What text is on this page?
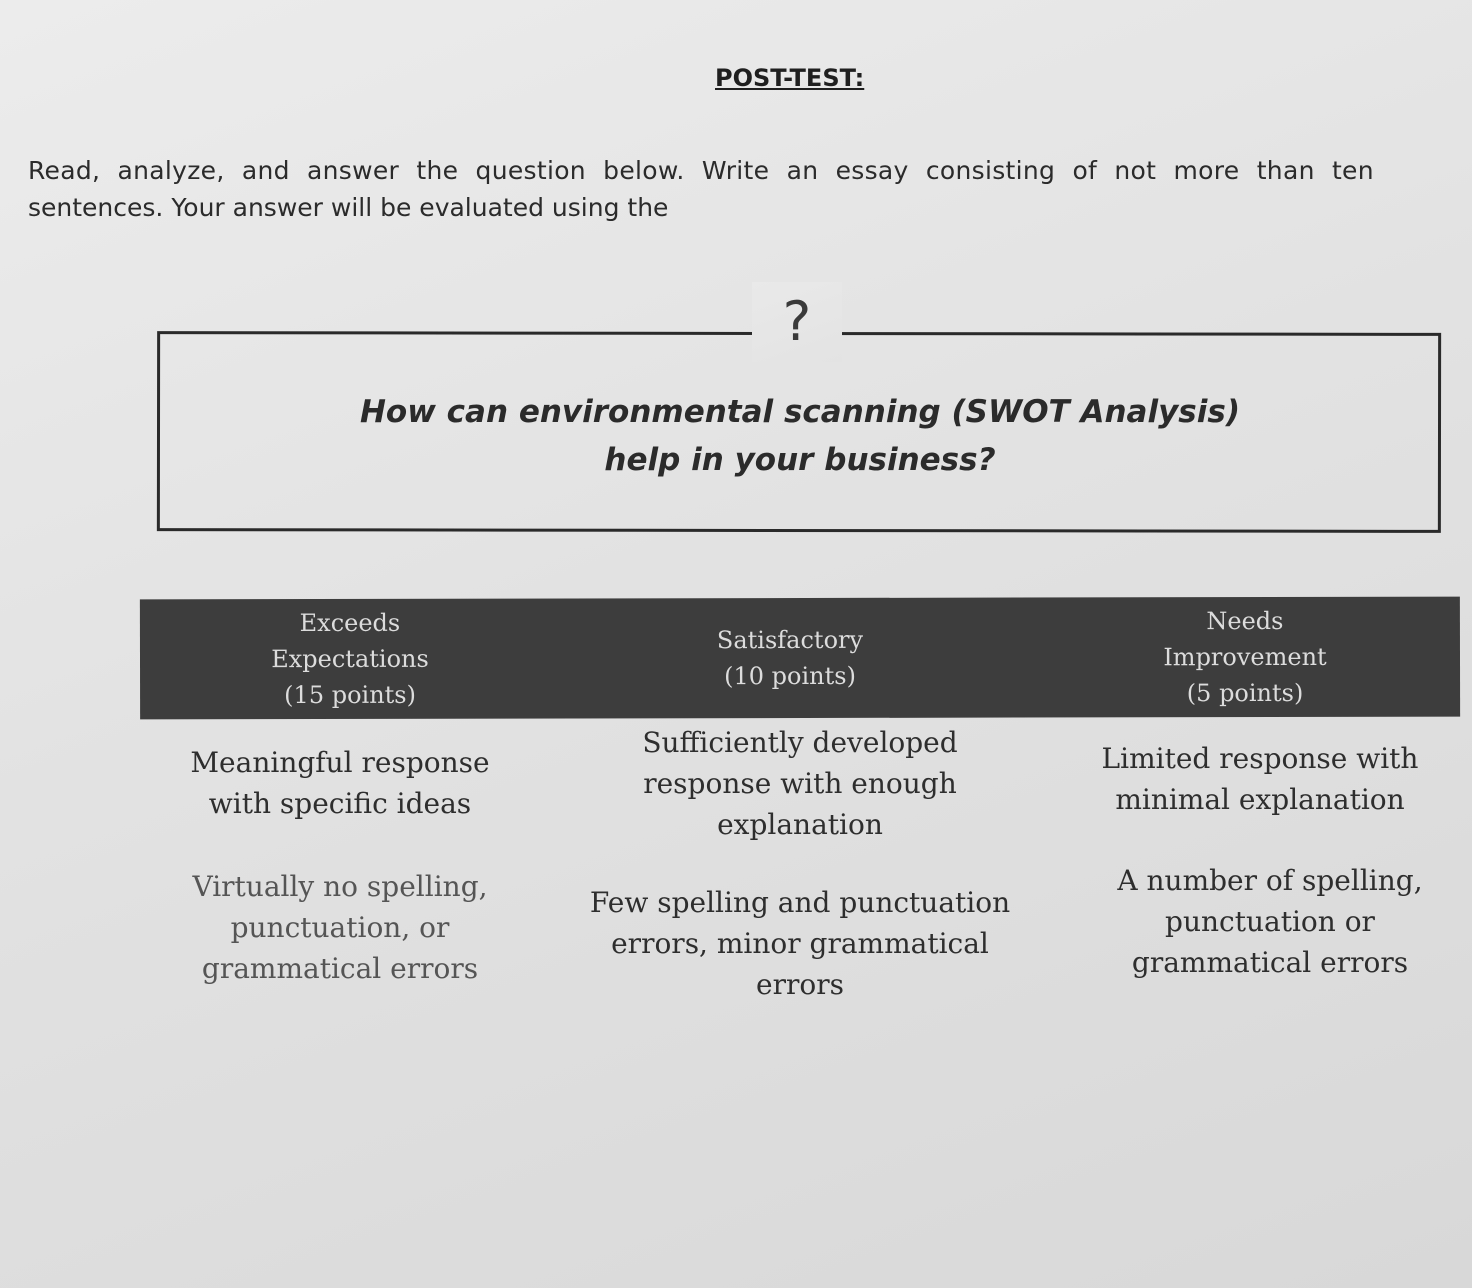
POST-TEST:
Read, analyze, and answer the question below. Write an essay consisting of not more than ten
sentences. Your answer will be evaluated using the
?
How can environmental scanning (SWOT Analysis)
help in your business?
Exceeds
Expectations
(15 points)
Satisfactory
(10 points)
Needs
Improvement
(5 points)
Meaningful response
with specific ideas
Sufficiently developed
response with enough
explanation
Limited response with
minimal explanation
Virtually no spelling,
punctuation, or
grammatical errors
Few spelling and punctuation
errors, minor grammatical
errors
A number of spelling,
punctuation or
grammatical errors
